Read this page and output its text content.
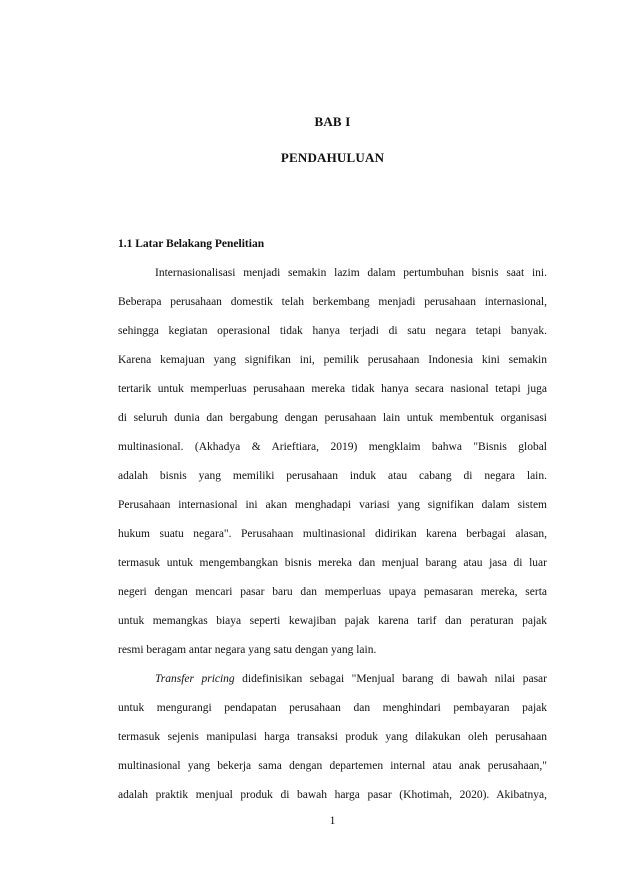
BAB I
PENDAHULUAN
1.1 Latar Belakang Penelitian
Internasionalisasi menjadi semakin lazim dalam pertumbuhan bisnis saat ini.
Beberapa perusahaan domestik telah berkembang menjadi perusahaan internasional,
sehingga kegiatan operasional tidak hanya terjadi di satu negara tetapi banyak.
Karena kemajuan yang signifikan ini, pemilik perusahaan Indonesia kini semakin
tertarik untuk memperluas perusahaan mereka tidak hanya secara nasional tetapi juga
di seluruh dunia dan bergabung dengan perusahaan lain untuk membentuk organisasi
multinasional. (Akhadya & Arieftiara, 2019) mengklaim bahwa "Bisnis global
adalah bisnis yang memiliki perusahaan induk atau cabang di negara lain.
Perusahaan internasional ini akan menghadapi variasi yang signifikan dalam sistem
hukum suatu negara". Perusahaan multinasional didirikan karena berbagai alasan,
termasuk untuk mengembangkan bisnis mereka dan menjual barang atau jasa di luar
negeri dengan mencari pasar baru dan memperluas upaya pemasaran mereka, serta
untuk memangkas biaya seperti kewajiban pajak karena tarif dan peraturan pajak
resmi beragam antar negara yang satu dengan yang lain.
Transfer pricing didefinisikan sebagai "Menjual barang di bawah nilai pasar
untuk mengurangi pendapatan perusahaan dan menghindari pembayaran pajak
termasuk sejenis manipulasi harga transaksi produk yang dilakukan oleh perusahaan
multinasional yang bekerja sama dengan departemen internal atau anak perusahaan,"
adalah praktik menjual produk di bawah harga pasar (Khotimah, 2020). Akibatnya,
1
